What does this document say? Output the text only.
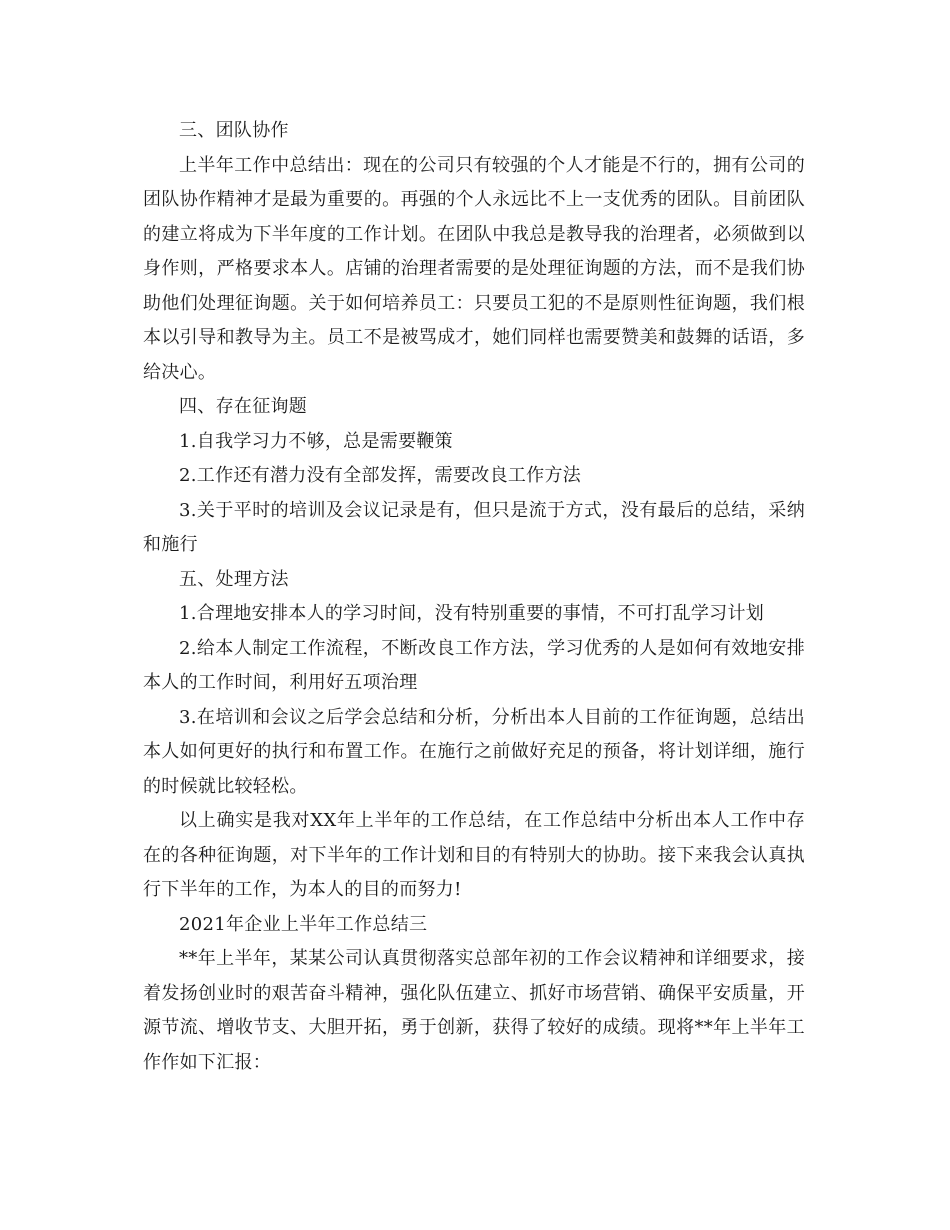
三、团队协作

上半年工作中总结出：现在的公司只有较强的个人才能是不行的，拥有公司的团队协作精神才是最为重要的。再强的个人永远比不上一支优秀的团队。目前团队的建立将成为下半年度的工作计划。在团队中我总是教导我的治理者，必须做到以身作则，严格要求本人。店铺的治理者需要的是处理征询题的方法，而不是我们协助他们处理征询题。关于如何培养员工：只要员工犯的不是原则性征询题，我们根本以引导和教导为主。员工不是被骂成才，她们同样也需要赞美和鼓舞的话语，多给决心。

四、存在征询题

1.自我学习力不够，总是需要鞭策

2.工作还有潜力没有全部发挥，需要改良工作方法

3.关于平时的培训及会议记录是有，但只是流于方式，没有最后的总结，采纳和施行

五、处理方法

1.合理地安排本人的学习时间，没有特别重要的事情，不可打乱学习计划

2.给本人制定工作流程，不断改良工作方法，学习优秀的人是如何有效地安排本人的工作时间，利用好五项治理

3.在培训和会议之后学会总结和分析，分析出本人目前的工作征询题，总结出本人如何更好的执行和布置工作。在施行之前做好充足的预备，将计划详细，施行的时候就比较轻松。

以上确实是我对XX年上半年的工作总结，在工作总结中分析出本人工作中存在的各种征询题，对下半年的工作计划和目的有特别大的协助。接下来我会认真执行下半年的工作，为本人的目的而努力!

2021年企业上半年工作总结三

**年上半年，某某公司认真贯彻落实总部年初的工作会议精神和详细要求，接着发扬创业时的艰苦奋斗精神，强化队伍建立、抓好市场营销、确保平安质量，开源节流、增收节支、大胆开拓，勇于创新，获得了较好的成绩。现将**年上半年工作作如下汇报：
